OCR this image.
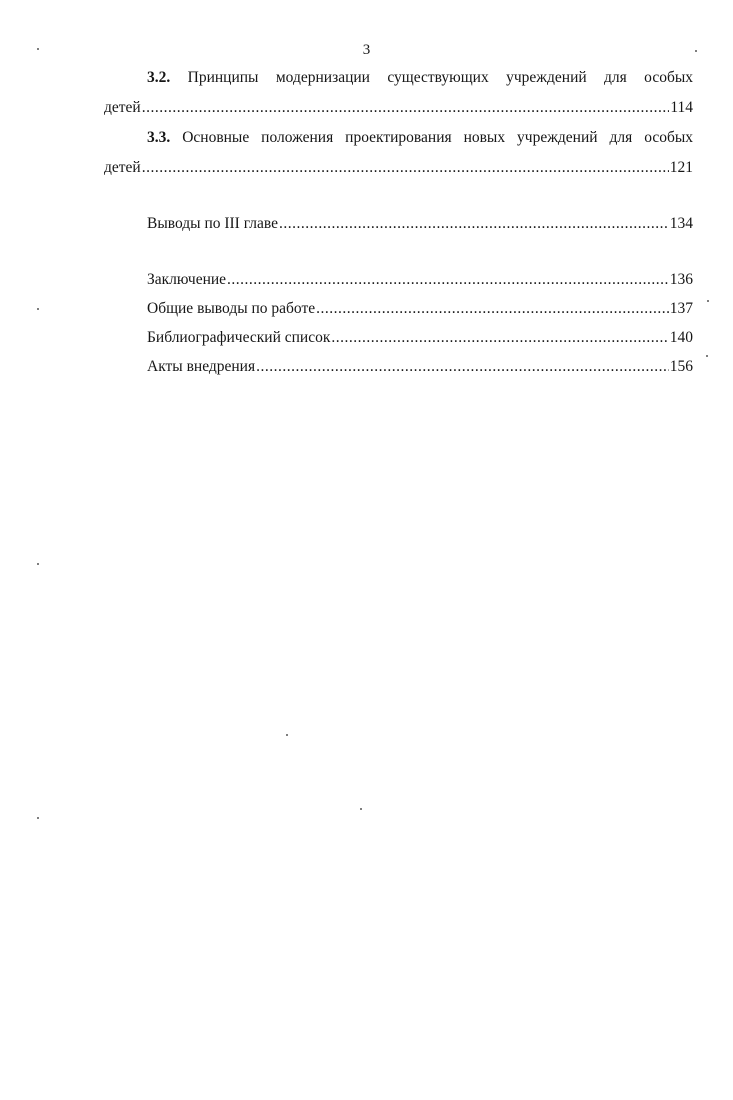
3
3.2. Принципы модернизации существующих учреждений для особых
детей .....	114
3.3. Основные положения проектирования новых учреждений для особых
детей .....	121
Выводы по III главе .....	134
Заключение .....	136
Общие выводы по работе .....	137
Библиографический список .....	140
Акты внедрения .....	156
